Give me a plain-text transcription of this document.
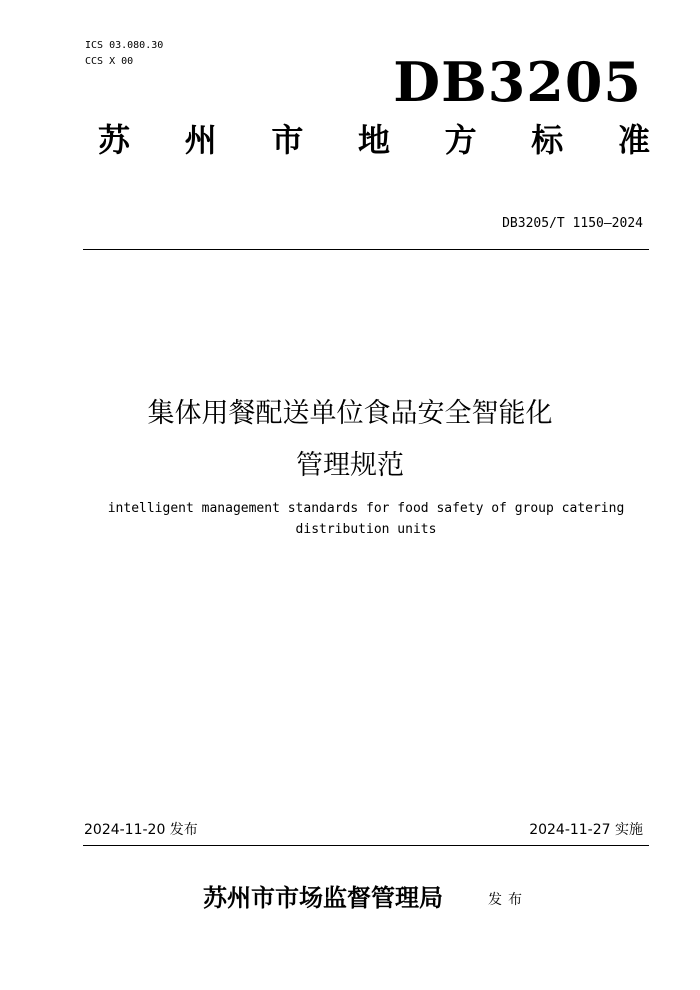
ICS 03.080.30
CCS X 00	DB3205
苏 州 市 地 方 标 准
DB3205/T 1150—2024
集体用餐配送单位食品安全智能化
管理规范
intelligent management standards for food safety of group catering
distribution units
2024-11-20 发布	2024-11-27 实施
苏州市市场监督管理局	发布
